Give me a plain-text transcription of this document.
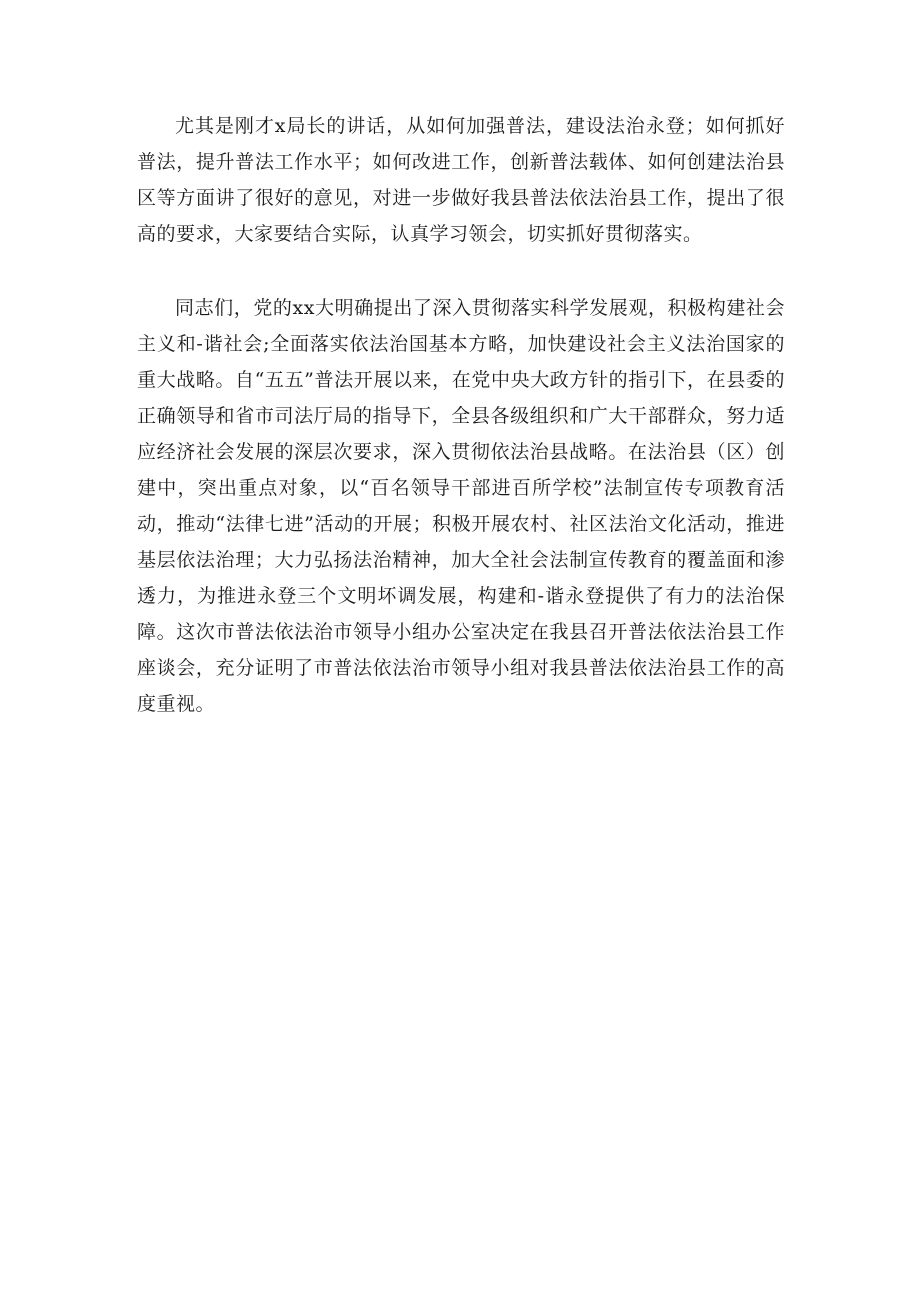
尤其是刚才x局长的讲话，从如何加强普法，建设法治永登；如何抓好普法，提升普法工作水平；如何改进工作，创新普法载体、如何创建法治县区等方面讲了很好的意见，对进一步做好我县普法依法治县工作，提出了很高的要求，大家要结合实际，认真学习领会，切实抓好贯彻落实。

同志们，党的xx大明确提出了深入贯彻落实科学发展观，积极构建社会主义和-谐社会;全面落实依法治国基本方略，加快建设社会主义法治国家的重大战略。自“五五”普法开展以来，在党中央大政方针的指引下，在县委的正确领导和省市司法厅局的指导下，全县各级组织和广大干部群众，努力适应经济社会发展的深层次要求，深入贯彻依法治县战略。在法治县（区）创建中，突出重点对象，以“百名领导干部进百所学校”法制宣传专项教育活动，推动“法律七进”活动的开展；积极开展农村、社区法治文化活动，推进基层依法治理；大力弘扬法治精神，加大全社会法制宣传教育的覆盖面和渗透力，为推进永登三个文明坏调发展，构建和-谐永登提供了有力的法治保障。这次市普法依法治市领导小组办公室决定在我县召开普法依法治县工作座谈会，充分证明了市普法依法治市领导小组对我县普法依法治县工作的高度重视。
